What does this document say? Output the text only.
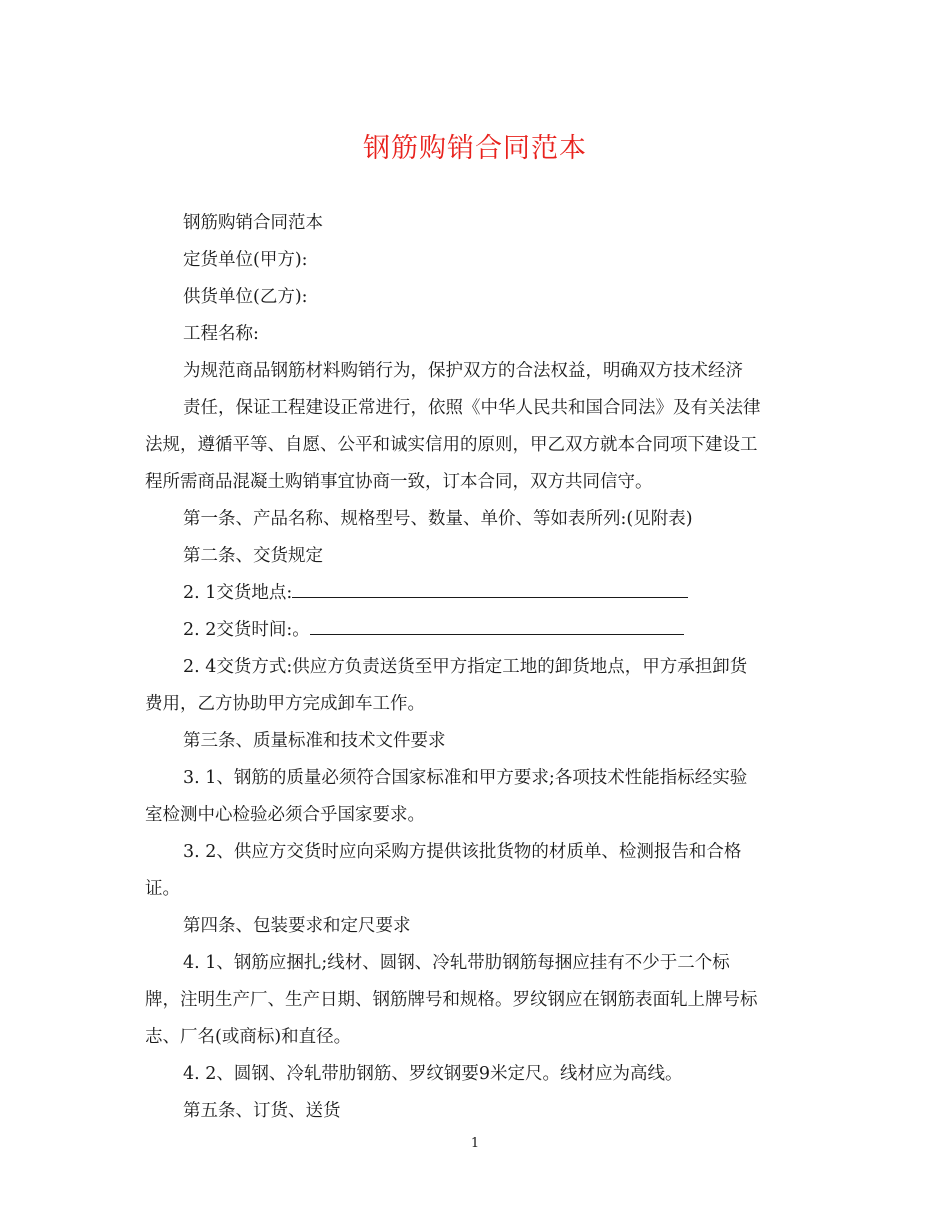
钢筋购销合同范本
钢筋购销合同范本
定货单位(甲方):
供货单位(乙方):
工程名称:
为规范商品钢筋材料购销行为，保护双方的合法权益，明确双方技术经济
责任，保证工程建设正常进行，依照《中华人民共和国合同法》及有关法律
法规，遵循平等、自愿、公平和诚实信用的原则，甲乙双方就本合同项下建设工
程所需商品混凝土购销事宜协商一致，订本合同，双方共同信守。
第一条、产品名称、规格型号、数量、单价、等如表所列:(见附表)
第二条、交货规定
2. 1交货地点:
2. 2交货时间:。
2. 4交货方式:供应方负责送货至甲方指定工地的卸货地点，甲方承担卸货
费用，乙方协助甲方完成卸车工作。
第三条、质量标准和技术文件要求
3. 1、钢筋的质量必须符合国家标准和甲方要求;各项技术性能指标经实验
室检测中心检验必须合乎国家要求。
3. 2、供应方交货时应向采购方提供该批货物的材质单、检测报告和合格
证。
第四条、包装要求和定尺要求
4. 1、钢筋应捆扎;线材、圆钢、冷轧带肋钢筋每捆应挂有不少于二个标
牌，注明生产厂、生产日期、钢筋牌号和规格。罗纹钢应在钢筋表面轧上牌号标
志、厂名(或商标)和直径。
4. 2、圆钢、冷轧带肋钢筋、罗纹钢要9米定尺。线材应为高线。
第五条、订货、送货
1
